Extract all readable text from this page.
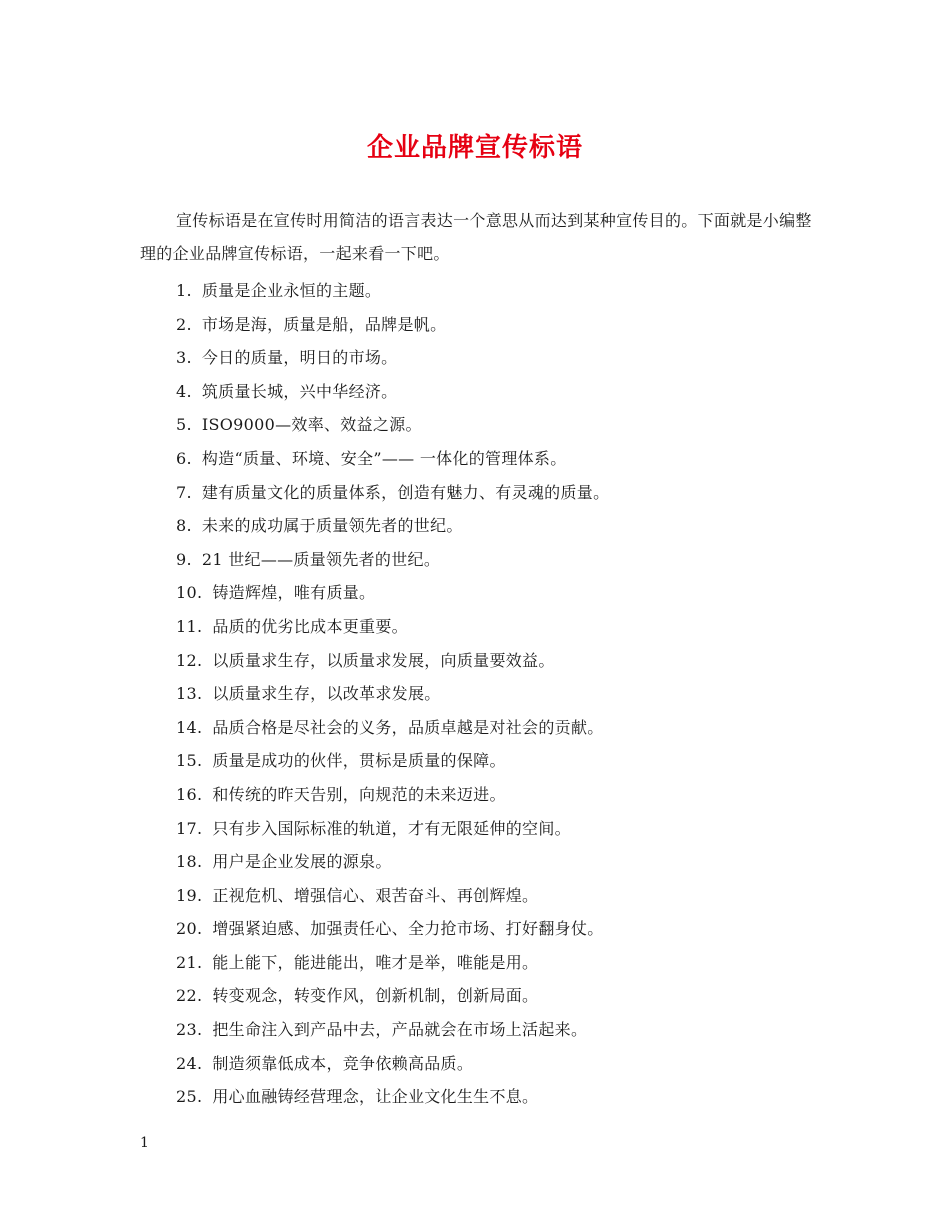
企业品牌宣传标语
宣传标语是在宣传时用简洁的语言表达一个意思从而达到某种宣传目的。下面就是小编整理的企业品牌宣传标语，一起来看一下吧。
1. 质量是企业永恒的主题。
2. 市场是海，质量是船，品牌是帆。
3. 今日的质量，明日的市场。
4. 筑质量长城，兴中华经济。
5. ISO9000—效率、效益之源。
6. 构造“质量、环境、安全”—— 一体化的管理体系。
7. 建有质量文化的质量体系，创造有魅力、有灵魂的质量。
8. 未来的成功属于质量领先者的世纪。
9. 21 世纪——质量领先者的世纪。
10. 铸造辉煌，唯有质量。
11. 品质的优劣比成本更重要。
12. 以质量求生存，以质量求发展，向质量要效益。
13. 以质量求生存，以改革求发展。
14. 品质合格是尽社会的义务，品质卓越是对社会的贡献。
15. 质量是成功的伙伴，贯标是质量的保障。
16. 和传统的昨天告别，向规范的未来迈进。
17. 只有步入国际标准的轨道，才有无限延伸的空间。
18. 用户是企业发展的源泉。
19. 正视危机、增强信心、艰苦奋斗、再创辉煌。
20. 增强紧迫感、加强责任心、全力抢市场、打好翻身仗。
21. 能上能下，能进能出，唯才是举，唯能是用。
22. 转变观念，转变作风，创新机制，创新局面。
23. 把生命注入到产品中去，产品就会在市场上活起来。
24. 制造须靠低成本，竞争依赖高品质。
25. 用心血融铸经营理念，让企业文化生生不息。
1
